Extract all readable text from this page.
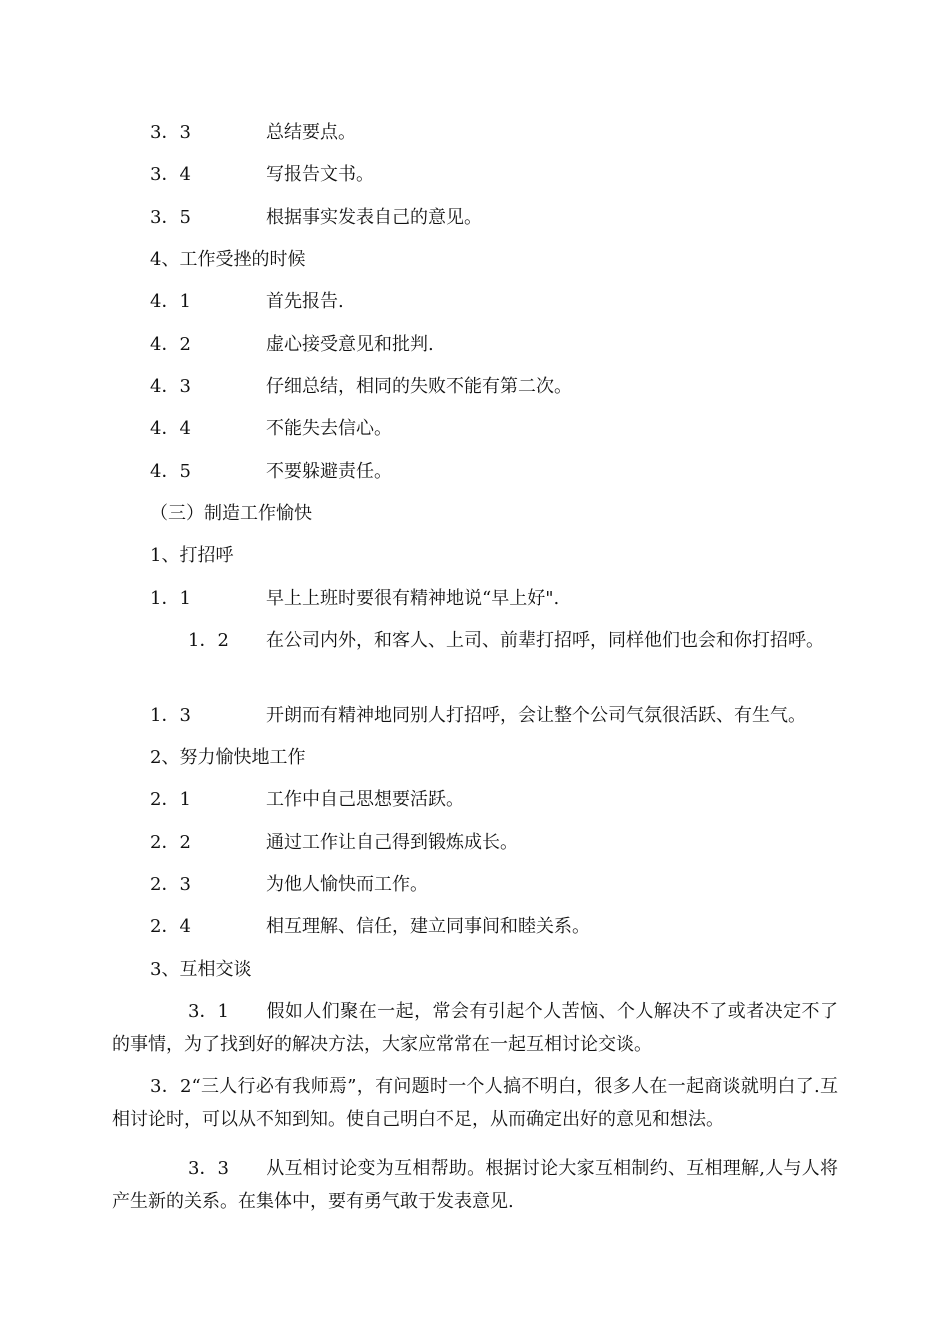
3．3	总结要点。
3．4	写报告文书。
3．5	根据事实发表自己的意见。
4、工作受挫的时候
4．1	首先报告.
4．2	虚心接受意见和批判.
4．3	仔细总结，相同的失败不能有第二次。
4．4	不能失去信心。
4．5	不要躲避责任。
（三）制造工作愉快
1、打招呼
1．1	早上上班时要很有精神地说“早上好".
1．2 在公司内外，和客人、上司、前辈打招呼，同样他们也会和你打招呼。
1．3	开朗而有精神地同别人打招呼，会让整个公司气氛很活跃、有生气。
2、努力愉快地工作
2．1	工作中自己思想要活跃。
2．2	通过工作让自己得到锻炼成长。
2．3	为他人愉快而工作。
2．4	相互理解、信任，建立同事间和睦关系。
3、互相交谈
3．1 假如人们聚在一起，常会有引起个人苦恼、个人解决不了或者决定不了的事情，为了找到好的解决方法，大家应常常在一起互相讨论交谈。
3．2“三人行必有我师焉”，有问题时一个人搞不明白，很多人在一起商谈就明白了.互相讨论时，可以从不知到知。使自己明白不足，从而确定出好的意见和想法。
3．3 从互相讨论变为互相帮助。根据讨论大家互相制约、互相理解,人与人将产生新的关系。在集体中，要有勇气敢于发表意见.
